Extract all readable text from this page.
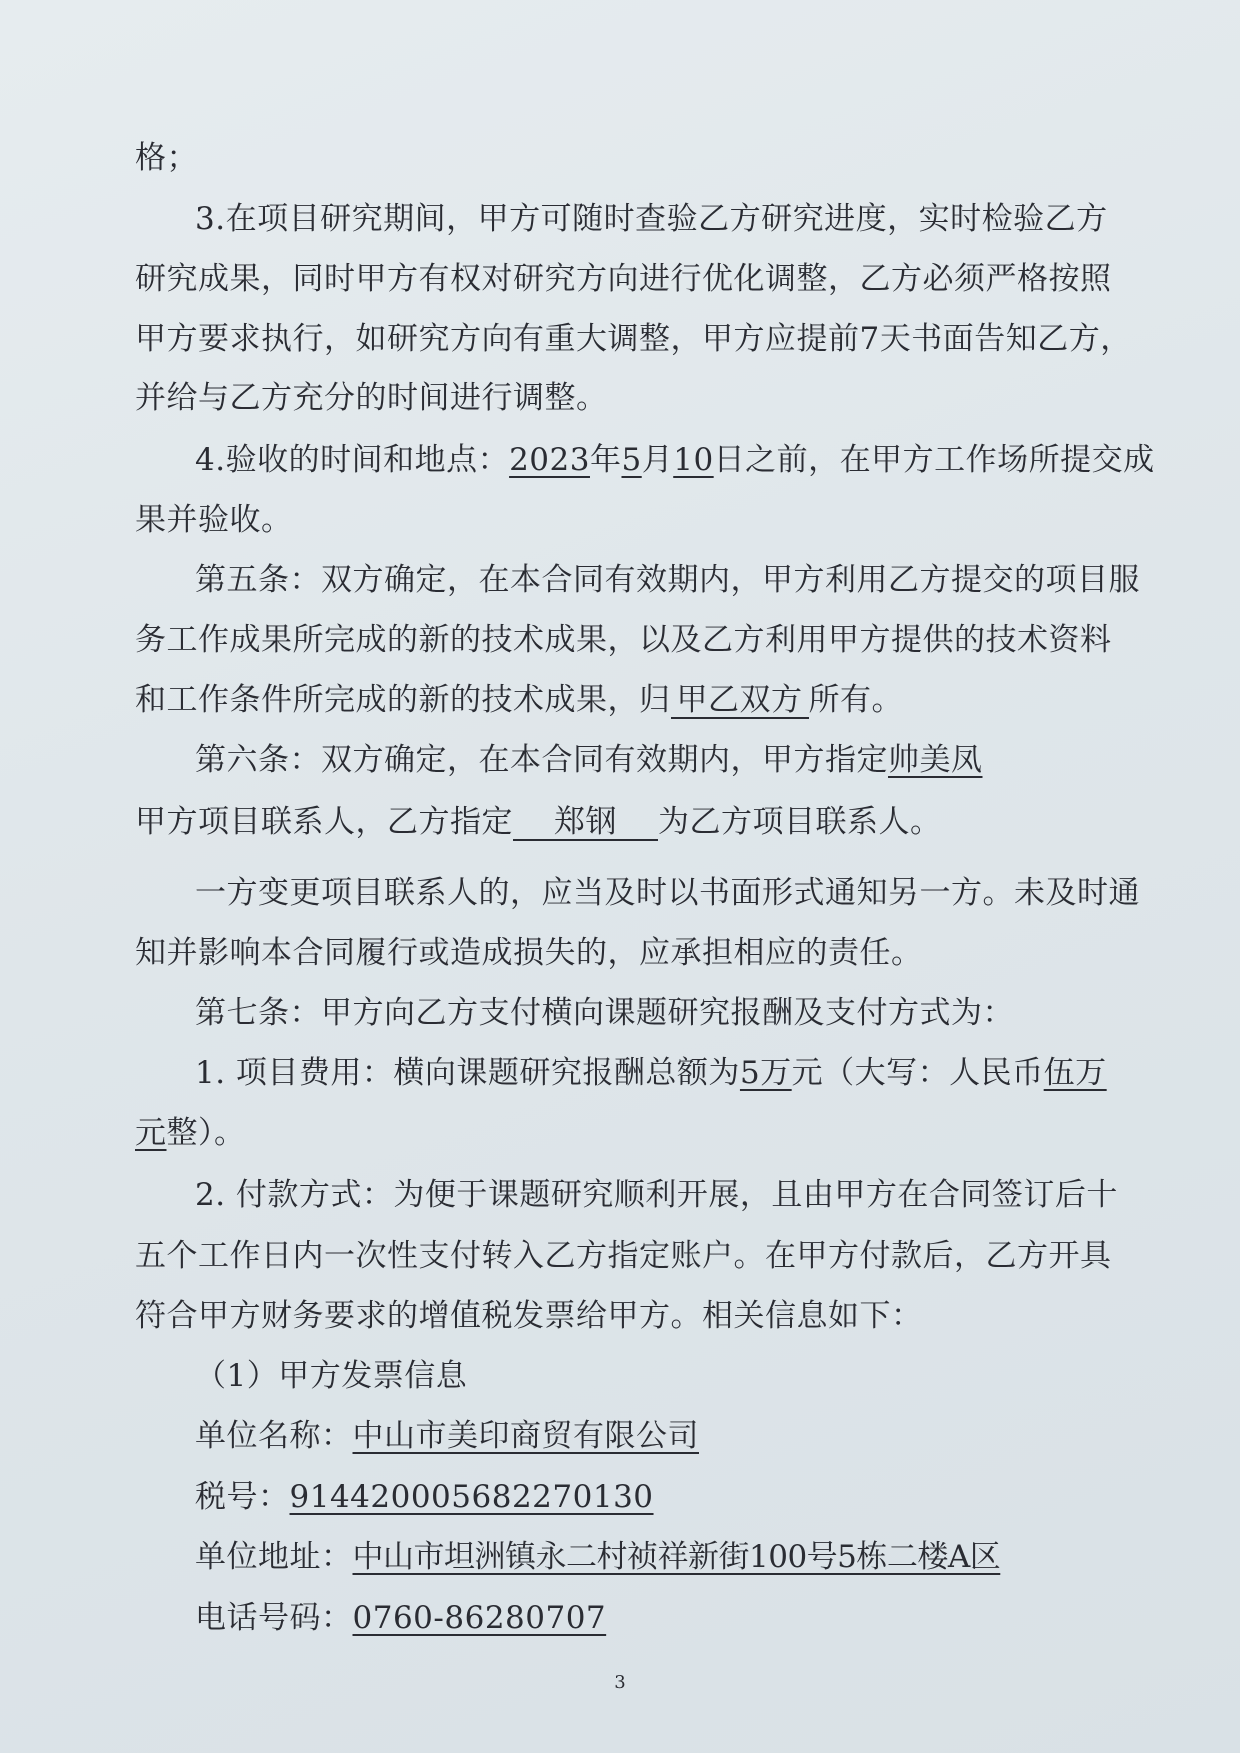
格；
3.在项目研究期间，甲方可随时查验乙方研究进度，实时检验乙方
研究成果，同时甲方有权对研究方向进行优化调整，乙方必须严格按照
甲方要求执行，如研究方向有重大调整，甲方应提前7天书面告知乙方，
并给与乙方充分的时间进行调整。
4.验收的时间和地点：2023年5月10日之前，在甲方工作场所提交成
果并验收。
第五条：双方确定，在本合同有效期内，甲方利用乙方提交的项目服
务工作成果所完成的新的技术成果，以及乙方利用甲方提供的技术资料
和工作条件所完成的新的技术成果，归 甲乙双方 所有。
第六条：双方确定，在本合同有效期内，甲方指定帅美凤
甲方项目联系人，乙方指定 郑钢 为乙方项目联系人。
一方变更项目联系人的，应当及时以书面形式通知另一方。未及时通
知并影响本合同履行或造成损失的，应承担相应的责任。
第七条：甲方向乙方支付横向课题研究报酬及支付方式为：
1. 项目费用：横向课题研究报酬总额为5万元（大写：人民币伍万
元整）。
2. 付款方式：为便于课题研究顺利开展，且由甲方在合同签订后十
五个工作日内一次性支付转入乙方指定账户。在甲方付款后，乙方开具
符合甲方财务要求的增值税发票给甲方。相关信息如下：
（1）甲方发票信息
单位名称：中山市美印商贸有限公司
税号：914420005682270130
单位地址：中山市坦洲镇永二村祯祥新街100号5栋二楼A区
电话号码：0760-86280707
3
